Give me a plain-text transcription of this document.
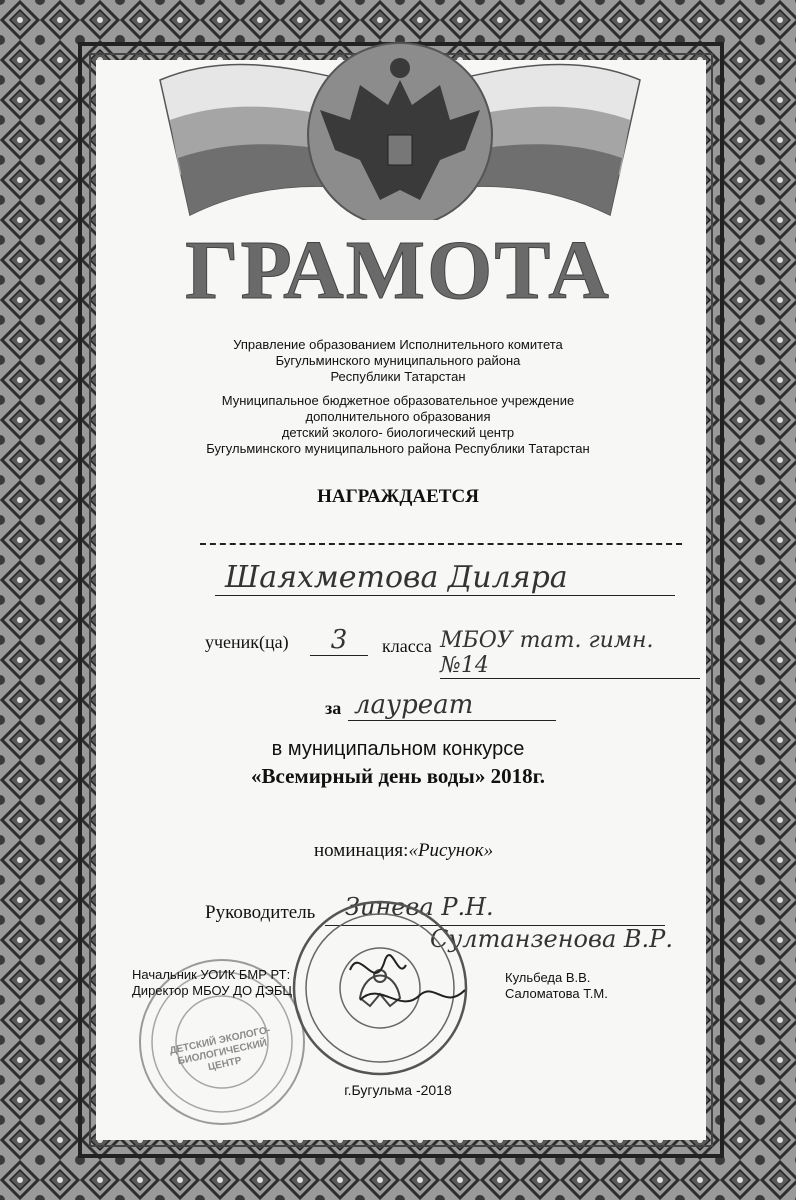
ГРАМОТА
Управление образованием Исполнительного комитета
Бугульминского муниципального района
Республики Татарстан
Муниципальное бюджетное образовательное учреждение
дополнительного образования
детский эколого- биологический центр
Бугульминского муниципального района Республики Татарстан
НАГРАЖДАЕТСЯ
Шаяхметова Диляра
ученик(ца)	3	класса МБОУ тат. гимн. №14
за лауреат
в муниципальном конкурсе
«Всемирный день воды» 2018г.
номинация:«Рисунок»
Руководитель Зинева Р.Н.
Султанзенова В.Р.
ДЕТСКИЙ ЭКОЛОГО-БИОЛОГИЧЕСКИЙ ЦЕНТР
Начальник УОИК БМР РТ:
Директор МБОУ ДО ДЭБЦ
Кульбеда В.В.
Саломатова Т.М.
г.Бугульма -2018
